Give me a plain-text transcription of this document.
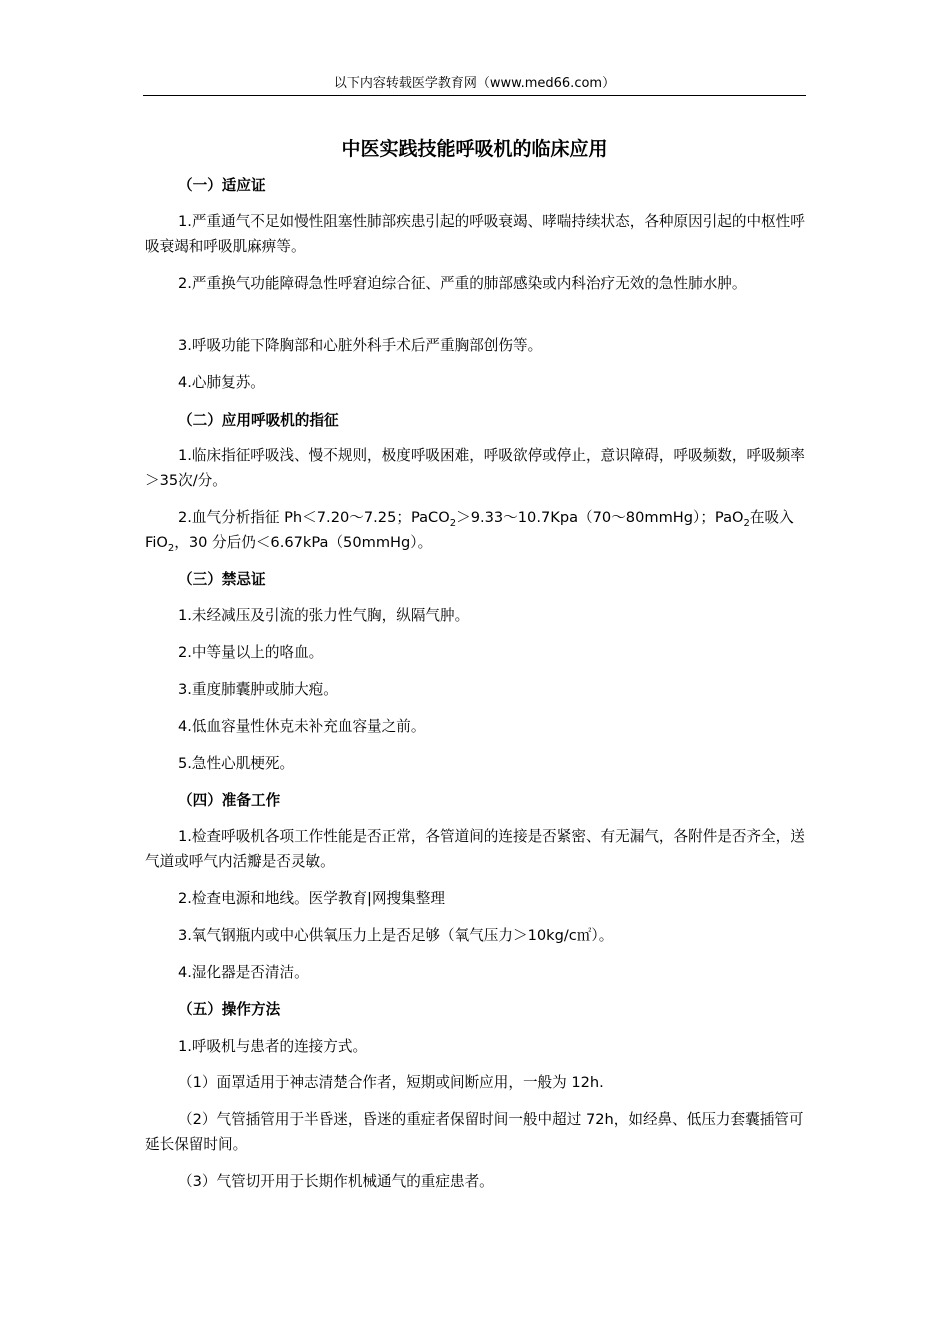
以下内容转载医学教育网（www.med66.com）
中医实践技能呼吸机的临床应用

（一）适应证

1.严重通气不足如慢性阻塞性肺部疾患引起的呼吸衰竭、哮喘持续状态，各种原因引起的中枢性呼吸衰竭和呼吸肌麻痹等。

2.严重换气功能障碍急性呼窘迫综合征、严重的肺部感染或内科治疗无效的急性肺水肿。

3.呼吸功能下降胸部和心脏外科手术后严重胸部创伤等。

4.心肺复苏。

（二）应用呼吸机的指征

1.临床指征呼吸浅、慢不规则，极度呼吸困难，呼吸欲停或停止，意识障碍，呼吸频数，呼吸频率＞35次/分。

2.血气分析指征 Ph＜7.20～7.25；PaCO$_2$＞9.33～10.7Kpa（70～80mmHg）；PaO$_2$在吸入 FiO$_2$，30 分后仍＜6.67kPa（50mmHg）。

（三）禁忌证

1.未经减压及引流的张力性气胸，纵隔气肿。

2.中等量以上的咯血。

3.重度肺囊肿或肺大疱。

4.低血容量性休克未补充血容量之前。

5.急性心肌梗死。

（四）准备工作

1.检查呼吸机各项工作性能是否正常，各管道间的连接是否紧密、有无漏气，各附件是否齐全，送气道或呼气内活瓣是否灵敏。

2.检查电源和地线。医学教育|网搜集整理

3.氧气钢瓶内或中心供氧压力上是否足够（氧气压力＞10kg/c㎡）。

4.湿化器是否清洁。

（五）操作方法

1.呼吸机与患者的连接方式。

（1）面罩适用于神志清楚合作者，短期或间断应用，一般为 12h.

（2）气管插管用于半昏迷，昏迷的重症者保留时间一般中超过 72h，如经鼻、低压力套囊插管可延长保留时间。

（3）气管切开用于长期作机械通气的重症患者。
